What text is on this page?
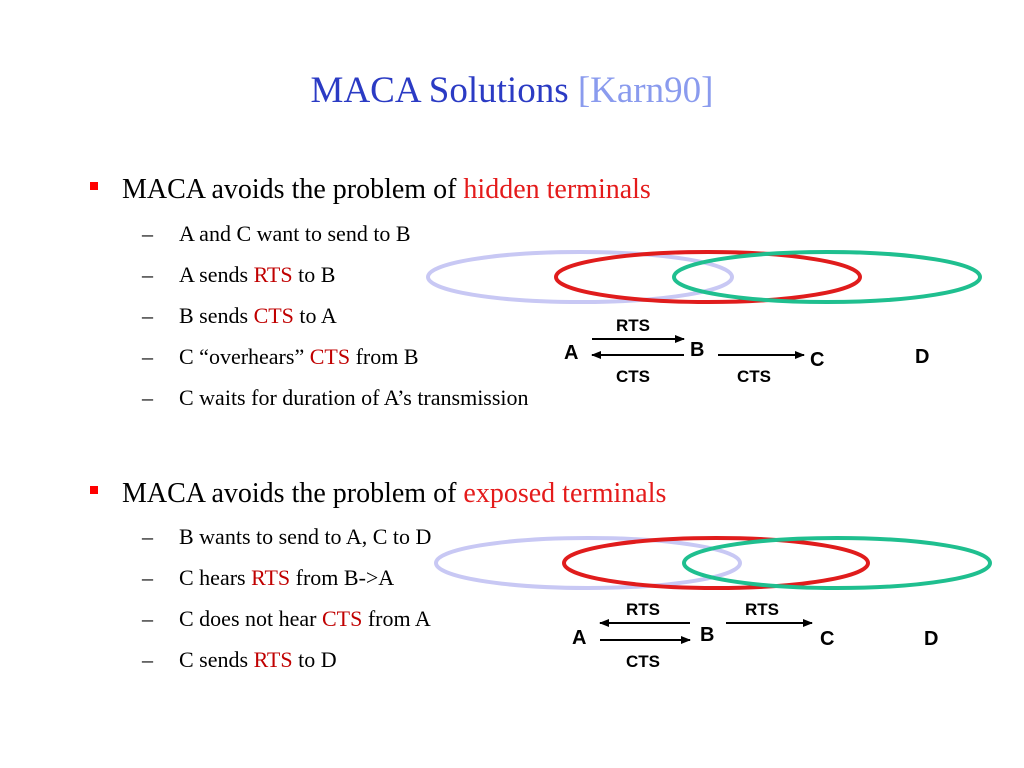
MACA Solutions [Karn90]
MACA avoids the problem of hidden terminals
– A and C want to send to B
– A sends RTS to B
– B sends CTS to A
– C “overhears” CTS from B
– C waits for duration of A’s transmission
MACA avoids the problem of exposed terminals
– B wants to send to A, C to D
– C hears RTS from B->A
– C does not hear CTS from A
– C sends RTS to D
RTS
CTS	CTS
A	B	C	D
RTS	RTS
CTS
A	B	C	D
